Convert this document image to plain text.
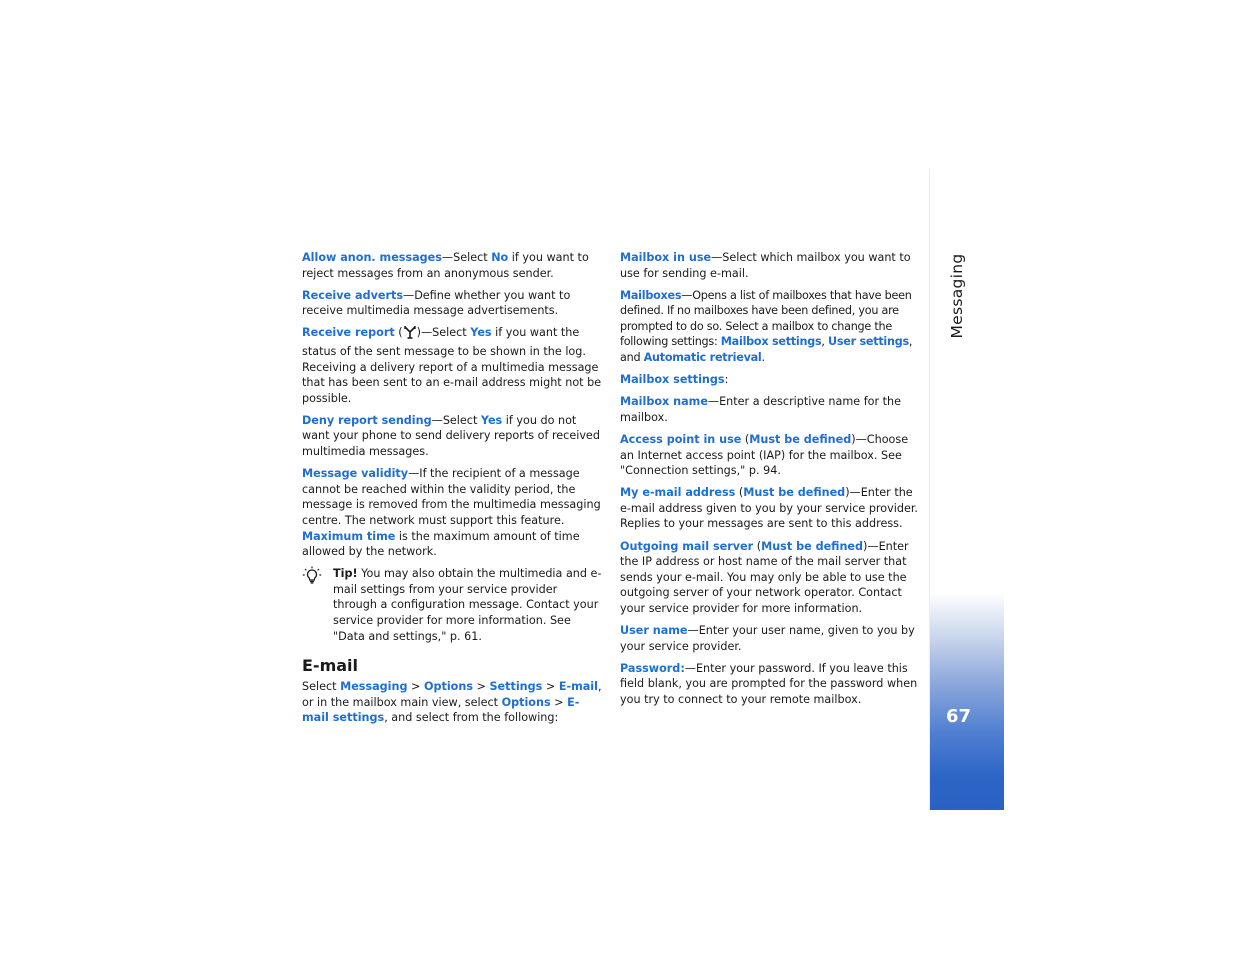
Messaging
67

Allow anon. messages—Select No if you want to reject messages from an anonymous sender.

Receive adverts—Define whether you want to receive multimedia message advertisements.

Receive report ( )—Select Yes if you want the status of the sent message to be shown in the log. Receiving a delivery report of a multimedia message that has been sent to an e-mail address might not be possible.

Deny report sending—Select Yes if you do not want your phone to send delivery reports of received multimedia messages.

Message validity—If the recipient of a message cannot be reached within the validity period, the message is removed from the multimedia messaging centre. The network must support this feature. Maximum time is the maximum amount of time allowed by the network.

Tip! You may also obtain the multimedia and e-mail settings from your service provider through a configuration message. Contact your service provider for more information. See "Data and settings," p. 61.
E-mail

Select Messaging > Options > Settings > E-mail, or in the mailbox main view, select Options > E-mail settings, and select from the following:

Mailbox in use—Select which mailbox you want to use for sending e-mail.

Mailboxes—Opens a list of mailboxes that have been defined. If no mailboxes have been defined, you are prompted to do so. Select a mailbox to change the following settings: Mailbox settings, User settings, and Automatic retrieval.

Mailbox settings:

Mailbox name—Enter a descriptive name for the mailbox.

Access point in use (Must be defined)—Choose an Internet access point (IAP) for the mailbox. See "Connection settings," p. 94.

My e-mail address (Must be defined)—Enter the e-mail address given to you by your service provider. Replies to your messages are sent to this address.

Outgoing mail server (Must be defined)—Enter the IP address or host name of the mail server that sends your e-mail. You may only be able to use the outgoing server of your network operator. Contact your service provider for more information.

User name—Enter your user name, given to you by your service provider.

Password:—Enter your password. If you leave this field blank, you are prompted for the password when you try to connect to your remote mailbox.
